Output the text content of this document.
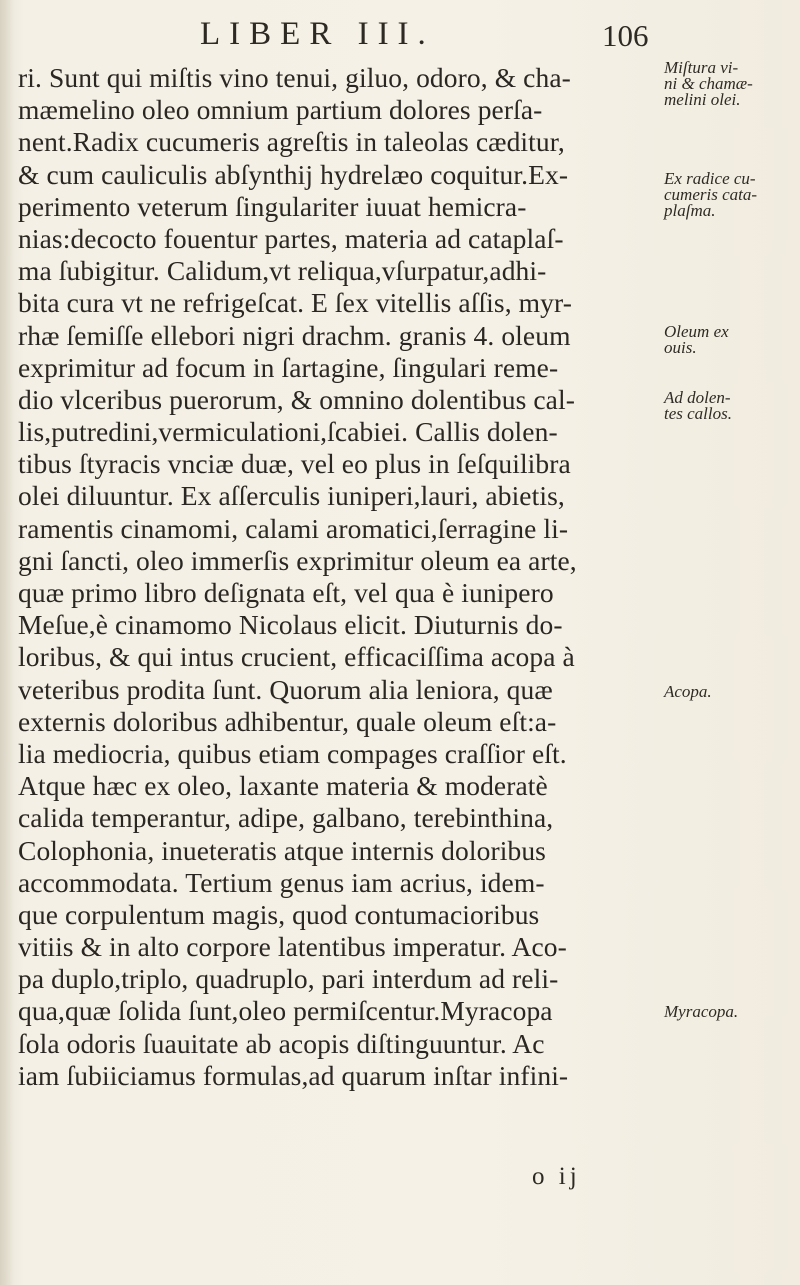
LIBER III.	106
ri. Sunt qui miſtis vino tenui, giluo, odoro, & cha-
mæmelino oleo omnium partium dolores perſa-
nent.Radix cucumeris agreſtis in taleolas cæditur,
& cum cauliculis abſynthij hydrelæo coquitur.Ex-
perimento veterum ſingulariter iuuat hemicra-
nias:decocto fouentur partes, materia ad cataplaſ-
ma ſubigitur. Calidum,vt reliqua,vſurpatur,adhi-
bita cura vt ne refrigeſcat. E ſex vitellis aſſis, myr-
rhæ ſemiſſe ellebori nigri drachm. granis 4. oleum
exprimitur ad focum in ſartagine, ſingulari reme-
dio vlceribus puerorum, & omnino dolentibus cal-
lis,putredini,vermiculationi,ſcabiei. Callis dolen-
tibus ſtyracis vnciæ duæ, vel eo plus in ſeſquilibra
olei diluuntur. Ex aſſerculis iuniperi,lauri, abietis,
ramentis cinamomi, calami aromatici,ſerragine li-
gni ſancti, oleo immerſis exprimitur oleum ea arte,
quæ primo libro deſignata eſt, vel qua è iunipero
Meſue,è cinamomo Nicolaus elicit. Diuturnis do-
loribus, & qui intus crucient, efficaciſſima acopa à
veteribus prodita ſunt. Quorum alia leniora, quæ
externis doloribus adhibentur, quale oleum eſt:a-
lia mediocria, quibus etiam compages craſſior eſt.
Atque hæc ex oleo, laxante materia & moderatè
calida temperantur, adipe, galbano, terebinthina,
Colophonia, inueteratis atque internis doloribus
accommodata. Tertium genus iam acrius, idem-
que corpulentum magis, quod contumacioribus
vitiis & in alto corpore latentibus imperatur. Aco-
pa duplo,triplo, quadruplo, pari interdum ad reli-
qua,quæ ſolida ſunt,oleo permiſcentur.Myracopa
ſola odoris ſuauitate ab acopis diſtinguuntur. Ac
iam ſubiiciamus formulas,ad quarum inſtar infini-
Miſtura vi-
ni & chamæ-
melini olei.
Ex radice cu-
cumeris cata-
plaſma.
Oleum ex
ouis.
Ad dolen-
tes callos.
Acopa.
Myracopa.
o ij
